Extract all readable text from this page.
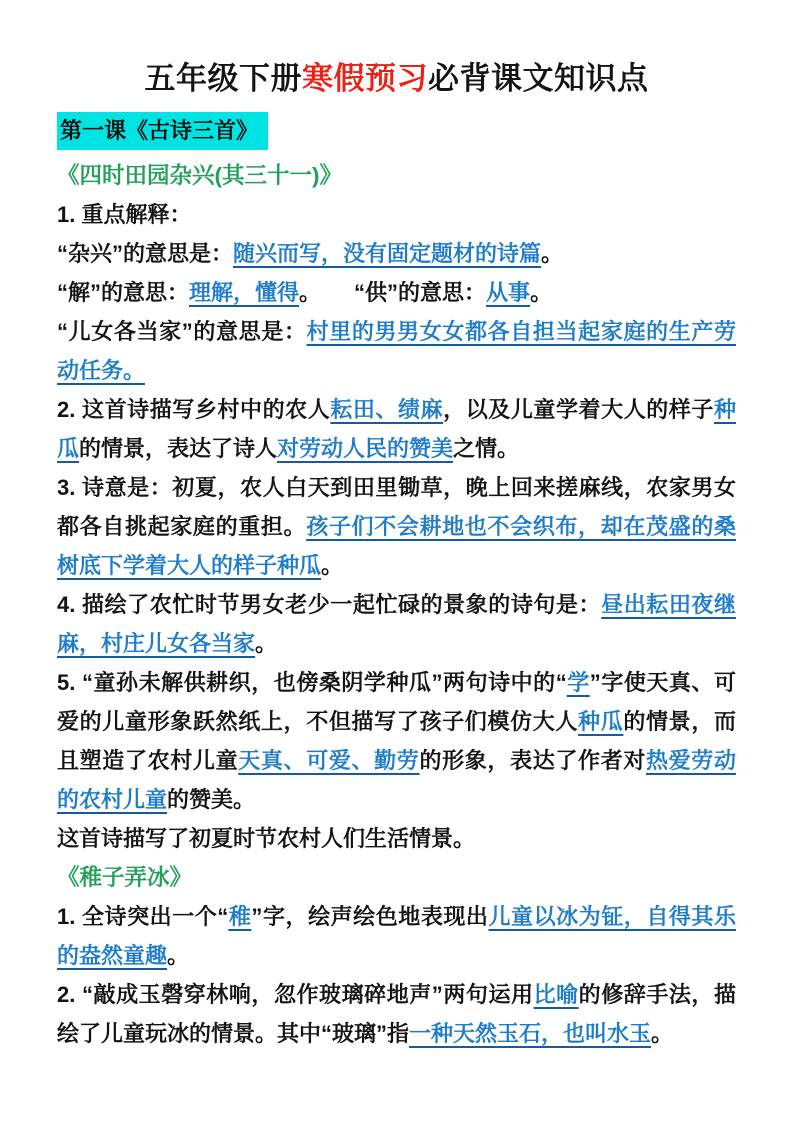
五年级下册寒假预习必背课文知识点
第一课《古诗三首》

《四时田园杂兴(其三十一)》

1. 重点解释：

“杂兴”的意思是：随兴而写，没有固定题材的诗篇。

“解”的意思：理解，懂得。　　“供”的意思：从事。

“儿女各当家”的意思是：村里的男男女女都各自担当起家庭的生产劳动任务。

2. 这首诗描写乡村中的农人耘田、绩麻，以及儿童学着大人的样子种瓜的情景，表达了诗人对劳动人民的赞美之情。

3. 诗意是：初夏，农人白天到田里锄草，晚上回来搓麻线，农家男女都各自挑起家庭的重担。孩子们不会耕地也不会织布，却在茂盛的桑树底下学着大人的样子种瓜。

4. 描绘了农忙时节男女老少一起忙碌的景象的诗句是：昼出耘田夜继麻，村庄儿女各当家。

5. “童孙未解供耕织，也傍桑阴学种瓜”两句诗中的“学”字使天真、可爱的儿童形象跃然纸上，不但描写了孩子们模仿大人种瓜的情景，而且塑造了农村儿童天真、可爱、勤劳的形象，表达了作者对热爱劳动的农村儿童的赞美。

这首诗描写了初夏时节农村人们生活情景。

《稚子弄冰》

1. 全诗突出一个“稚”字，绘声绘色地表现出儿童以冰为钲，自得其乐的盎然童趣。

2. “敲成玉磬穿林响，忽作玻璃碎地声”两句运用比喻的修辞手法，描绘了儿童玩冰的情景。其中“玻璃”指一种天然玉石，也叫水玉。
